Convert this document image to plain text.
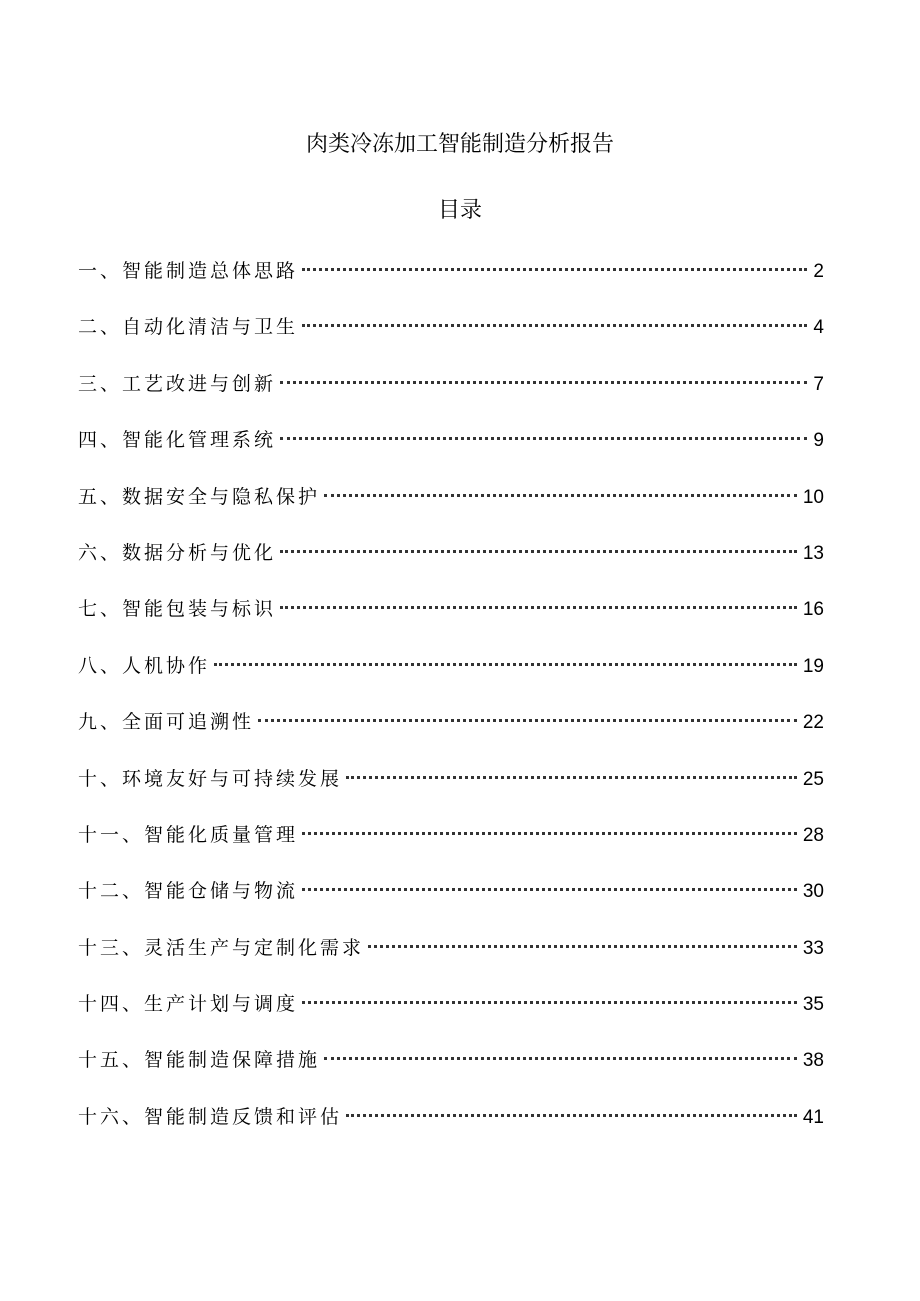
肉类冷冻加工智能制造分析报告
目录
一、智能制造总体思路	2
二、自动化清洁与卫生	4
三、工艺改进与创新	7
四、智能化管理系统	9
五、数据安全与隐私保护	10
六、数据分析与优化	13
七、智能包装与标识	16
八、人机协作	19
九、全面可追溯性	22
十、环境友好与可持续发展	25
十一、智能化质量管理	28
十二、智能仓储与物流	30
十三、灵活生产与定制化需求	33
十四、生产计划与调度	35
十五、智能制造保障措施	38
十六、智能制造反馈和评估	41
